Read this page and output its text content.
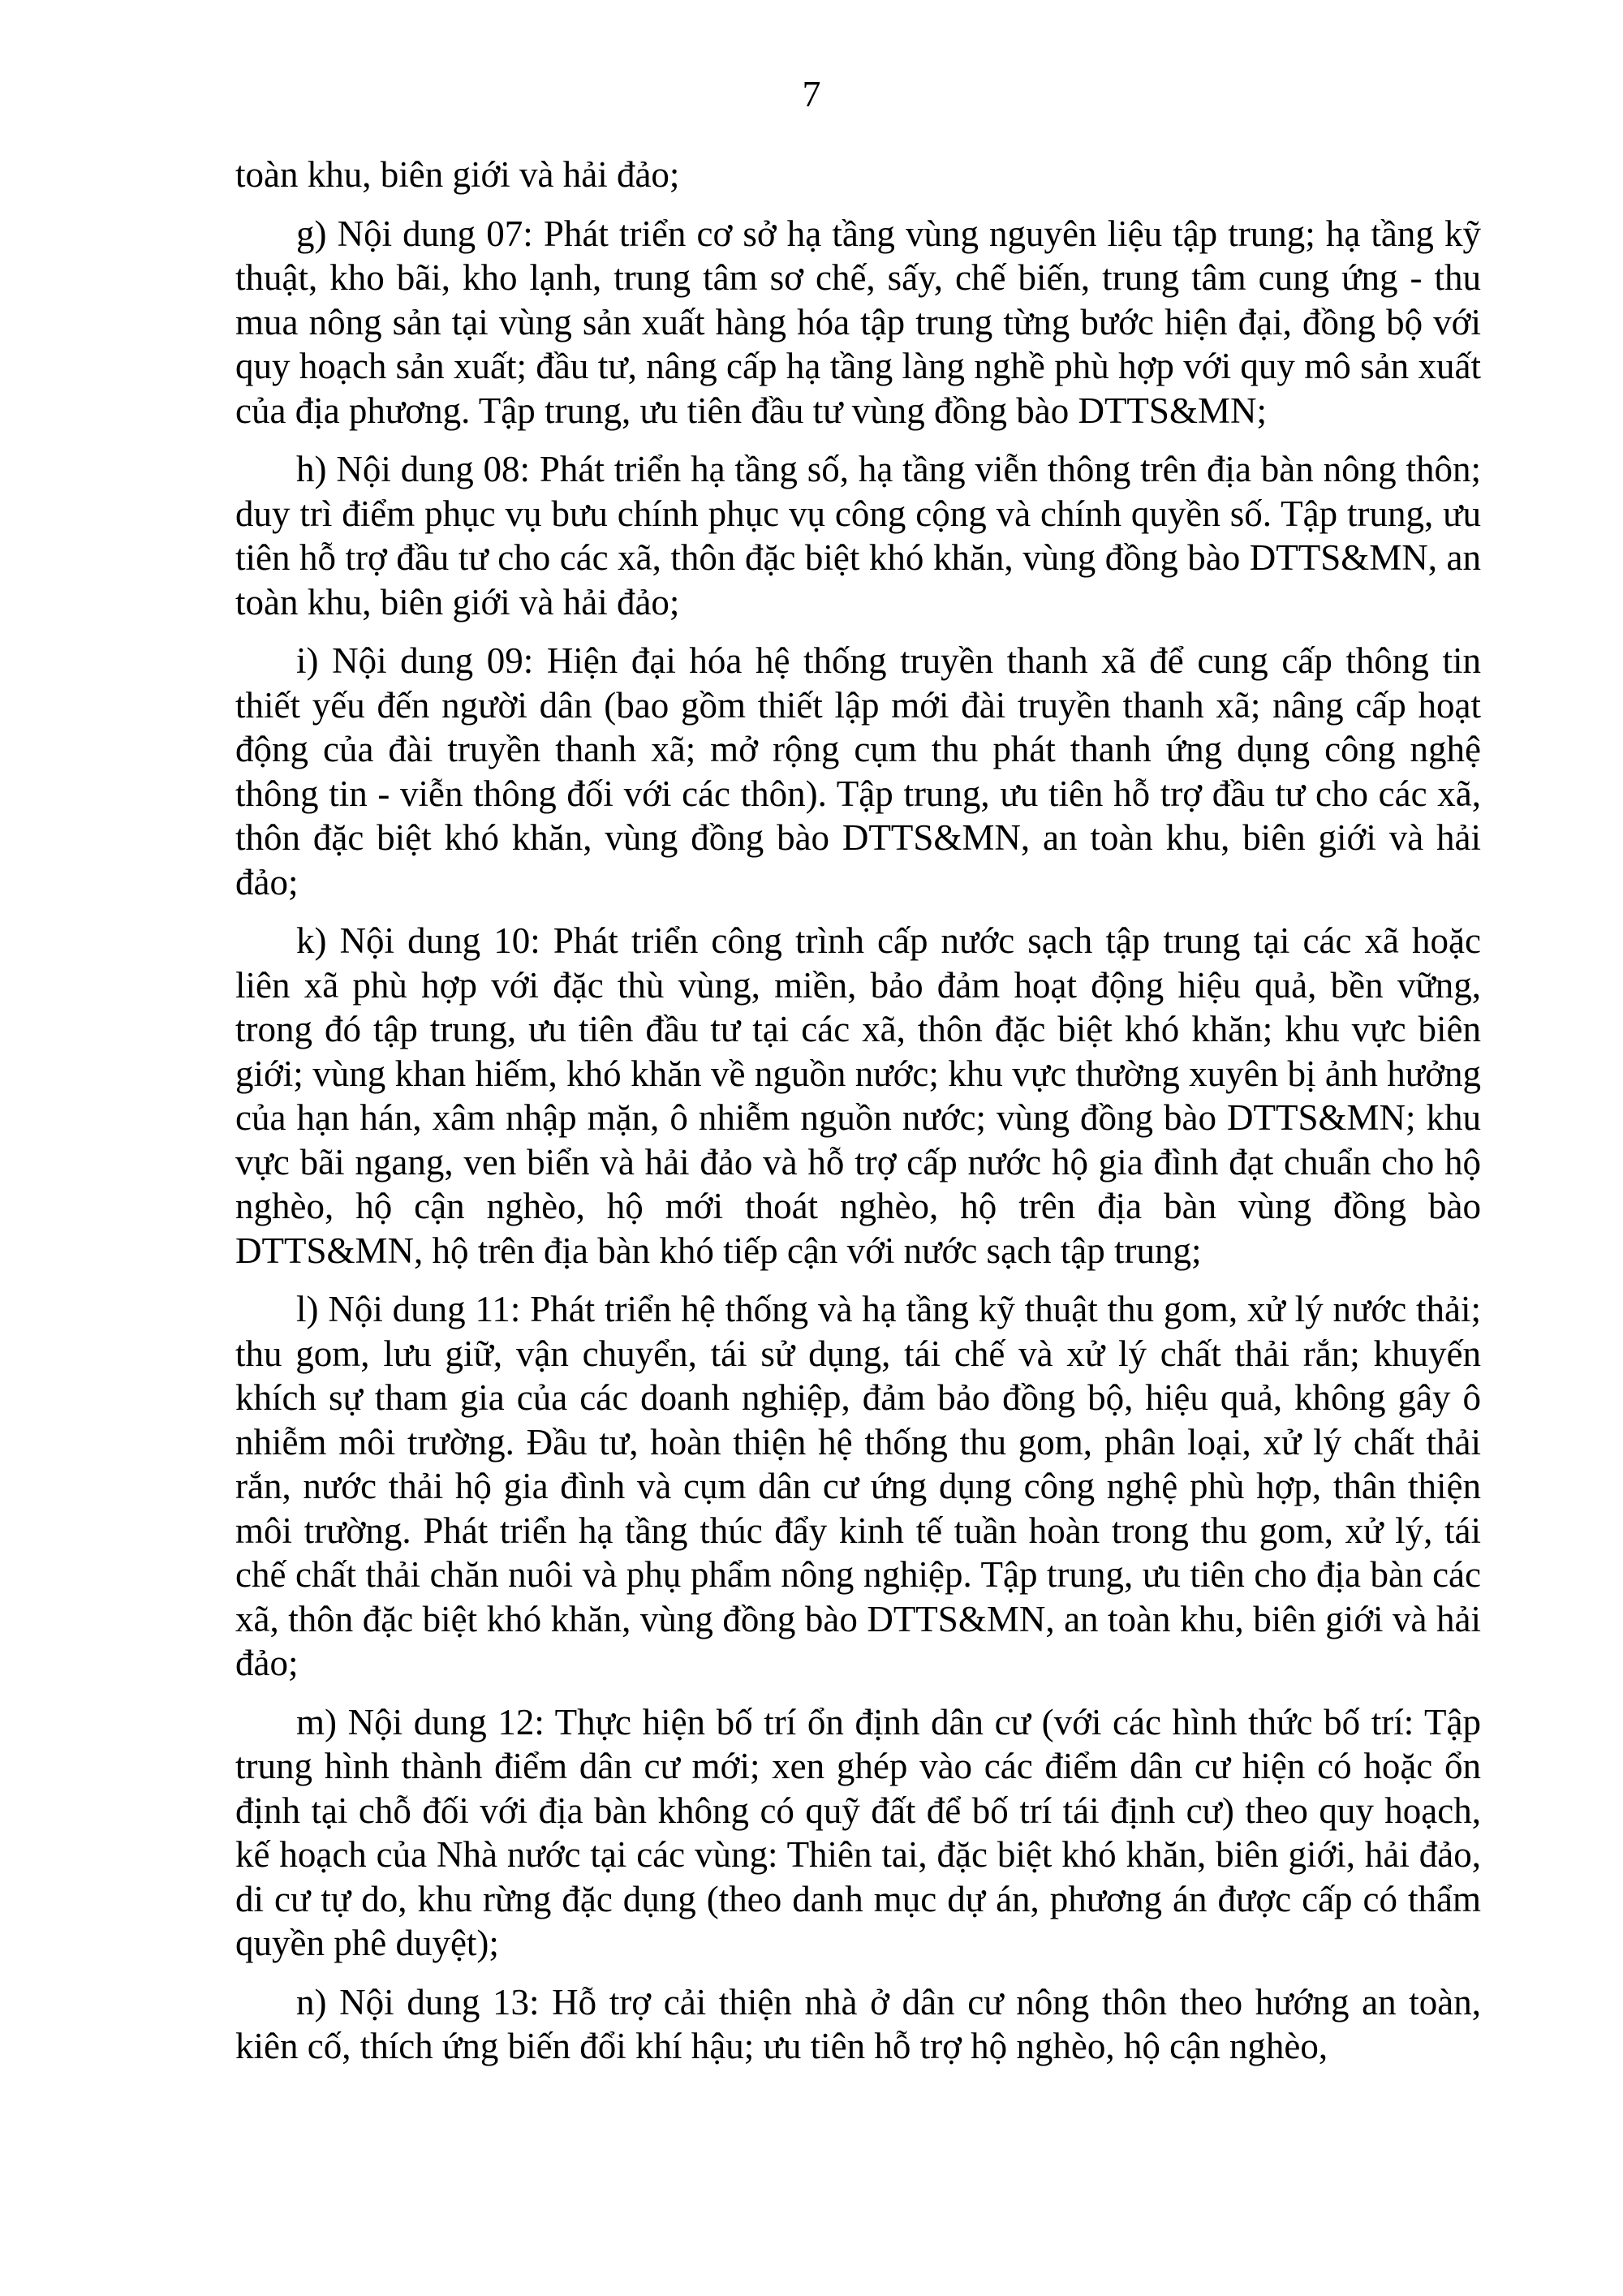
7

toàn khu, biên giới và hải đảo;

g) Nội dung 07: Phát triển cơ sở hạ tầng vùng nguyên liệu tập trung; hạ tầng kỹ thuật, kho bãi, kho lạnh, trung tâm sơ chế, sấy, chế biến, trung tâm cung ứng - thu mua nông sản tại vùng sản xuất hàng hóa tập trung từng bước hiện đại, đồng bộ với quy hoạch sản xuất; đầu tư, nâng cấp hạ tầng làng nghề phù hợp với quy mô sản xuất của địa phương. Tập trung, ưu tiên đầu tư vùng đồng bào DTTS&MN;

h) Nội dung 08: Phát triển hạ tầng số, hạ tầng viễn thông trên địa bàn nông thôn; duy trì điểm phục vụ bưu chính phục vụ công cộng và chính quyền số. Tập trung, ưu tiên hỗ trợ đầu tư cho các xã, thôn đặc biệt khó khăn, vùng đồng bào DTTS&MN, an toàn khu, biên giới và hải đảo;

i) Nội dung 09: Hiện đại hóa hệ thống truyền thanh xã để cung cấp thông tin thiết yếu đến người dân (bao gồm thiết lập mới đài truyền thanh xã; nâng cấp hoạt động của đài truyền thanh xã; mở rộng cụm thu phát thanh ứng dụng công nghệ thông tin - viễn thông đối với các thôn). Tập trung, ưu tiên hỗ trợ đầu tư cho các xã, thôn đặc biệt khó khăn, vùng đồng bào DTTS&MN, an toàn khu, biên giới và hải đảo;

k) Nội dung 10: Phát triển công trình cấp nước sạch tập trung tại các xã hoặc liên xã phù hợp với đặc thù vùng, miền, bảo đảm hoạt động hiệu quả, bền vững, trong đó tập trung, ưu tiên đầu tư tại các xã, thôn đặc biệt khó khăn; khu vực biên giới; vùng khan hiếm, khó khăn về nguồn nước; khu vực thường xuyên bị ảnh hưởng của hạn hán, xâm nhập mặn, ô nhiễm nguồn nước; vùng đồng bào DTTS&MN; khu vực bãi ngang, ven biển và hải đảo và hỗ trợ cấp nước hộ gia đình đạt chuẩn cho hộ nghèo, hộ cận nghèo, hộ mới thoát nghèo, hộ trên địa bàn vùng đồng bào DTTS&MN, hộ trên địa bàn khó tiếp cận với nước sạch tập trung;

l) Nội dung 11: Phát triển hệ thống và hạ tầng kỹ thuật thu gom, xử lý nước thải; thu gom, lưu giữ, vận chuyển, tái sử dụng, tái chế và xử lý chất thải rắn; khuyến khích sự tham gia của các doanh nghiệp, đảm bảo đồng bộ, hiệu quả, không gây ô nhiễm môi trường. Đầu tư, hoàn thiện hệ thống thu gom, phân loại, xử lý chất thải rắn, nước thải hộ gia đình và cụm dân cư ứng dụng công nghệ phù hợp, thân thiện môi trường. Phát triển hạ tầng thúc đẩy kinh tế tuần hoàn trong thu gom, xử lý, tái chế chất thải chăn nuôi và phụ phẩm nông nghiệp. Tập trung, ưu tiên cho địa bàn các xã, thôn đặc biệt khó khăn, vùng đồng bào DTTS&MN, an toàn khu, biên giới và hải đảo;

m) Nội dung 12: Thực hiện bố trí ổn định dân cư (với các hình thức bố trí: Tập trung hình thành điểm dân cư mới; xen ghép vào các điểm dân cư hiện có hoặc ổn định tại chỗ đối với địa bàn không có quỹ đất để bố trí tái định cư) theo quy hoạch, kế hoạch của Nhà nước tại các vùng: Thiên tai, đặc biệt khó khăn, biên giới, hải đảo, di cư tự do, khu rừng đặc dụng (theo danh mục dự án, phương án được cấp có thẩm quyền phê duyệt);

n) Nội dung 13: Hỗ trợ cải thiện nhà ở dân cư nông thôn theo hướng an toàn, kiên cố, thích ứng biến đổi khí hậu; ưu tiên hỗ trợ hộ nghèo, hộ cận nghèo,
